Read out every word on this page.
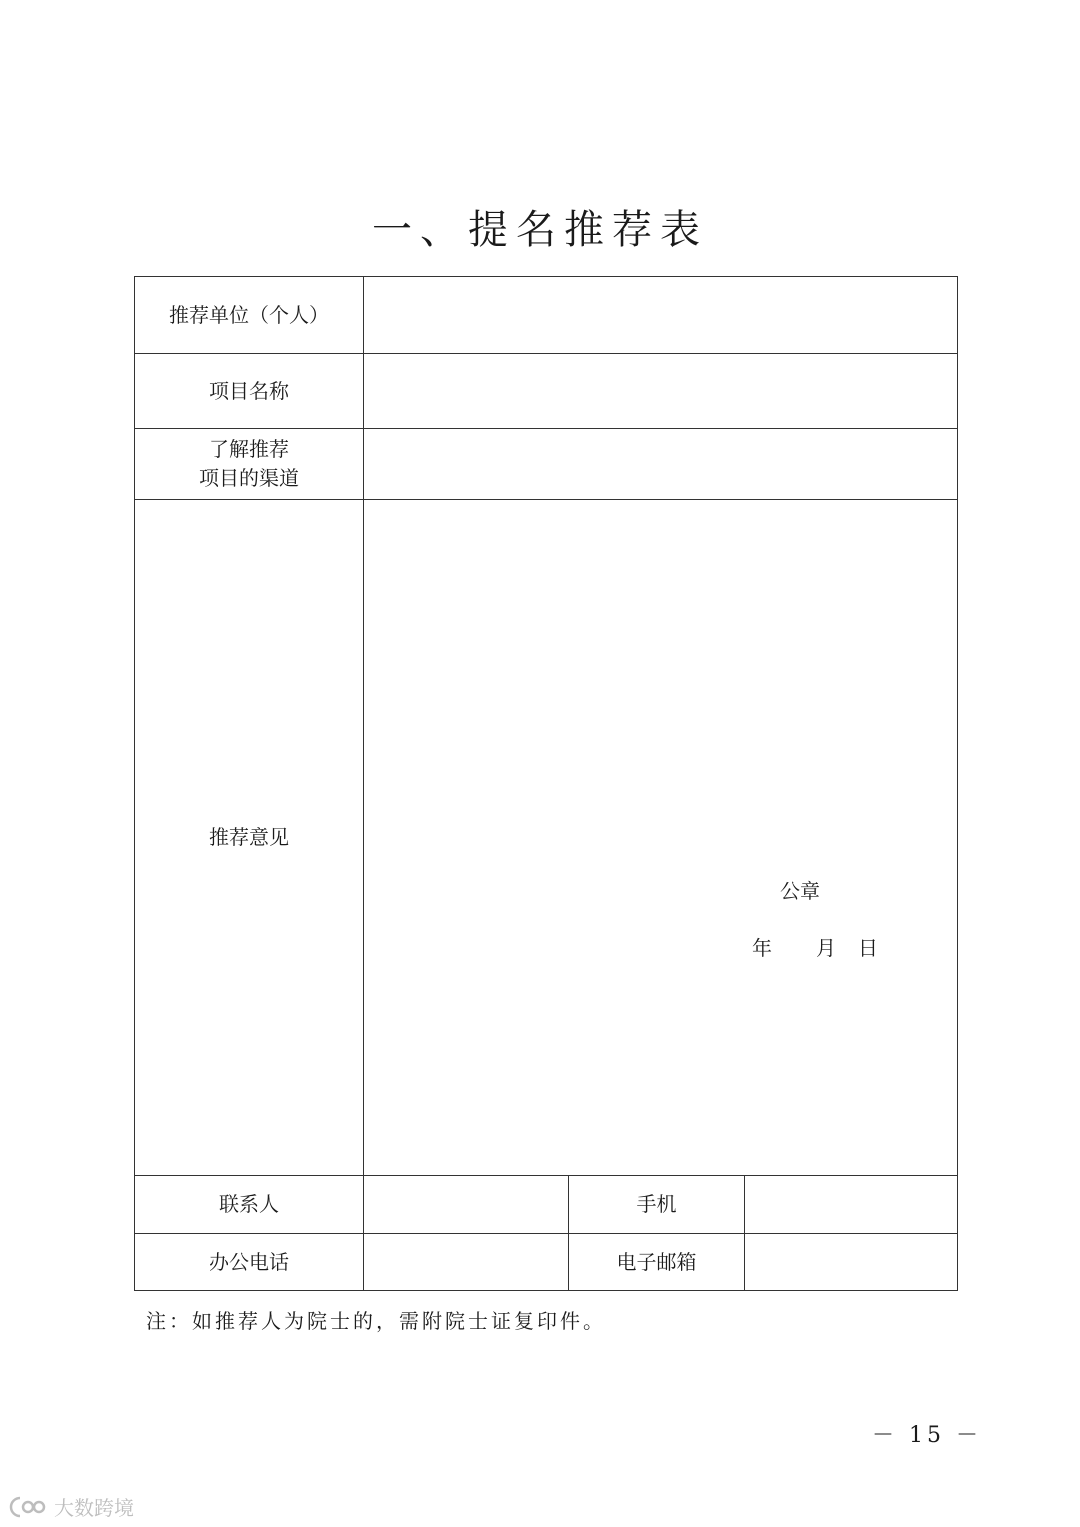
一、提名推荐表
推荐单位（个人）			
项目名称			

了解推荐
项目的渠道			

推荐意见	公章
年 月 日		

联系人		手机	
办公电话		电子邮箱	
注：如推荐人为院士的，需附院士证复印件。
－ 15 －
大数跨境
